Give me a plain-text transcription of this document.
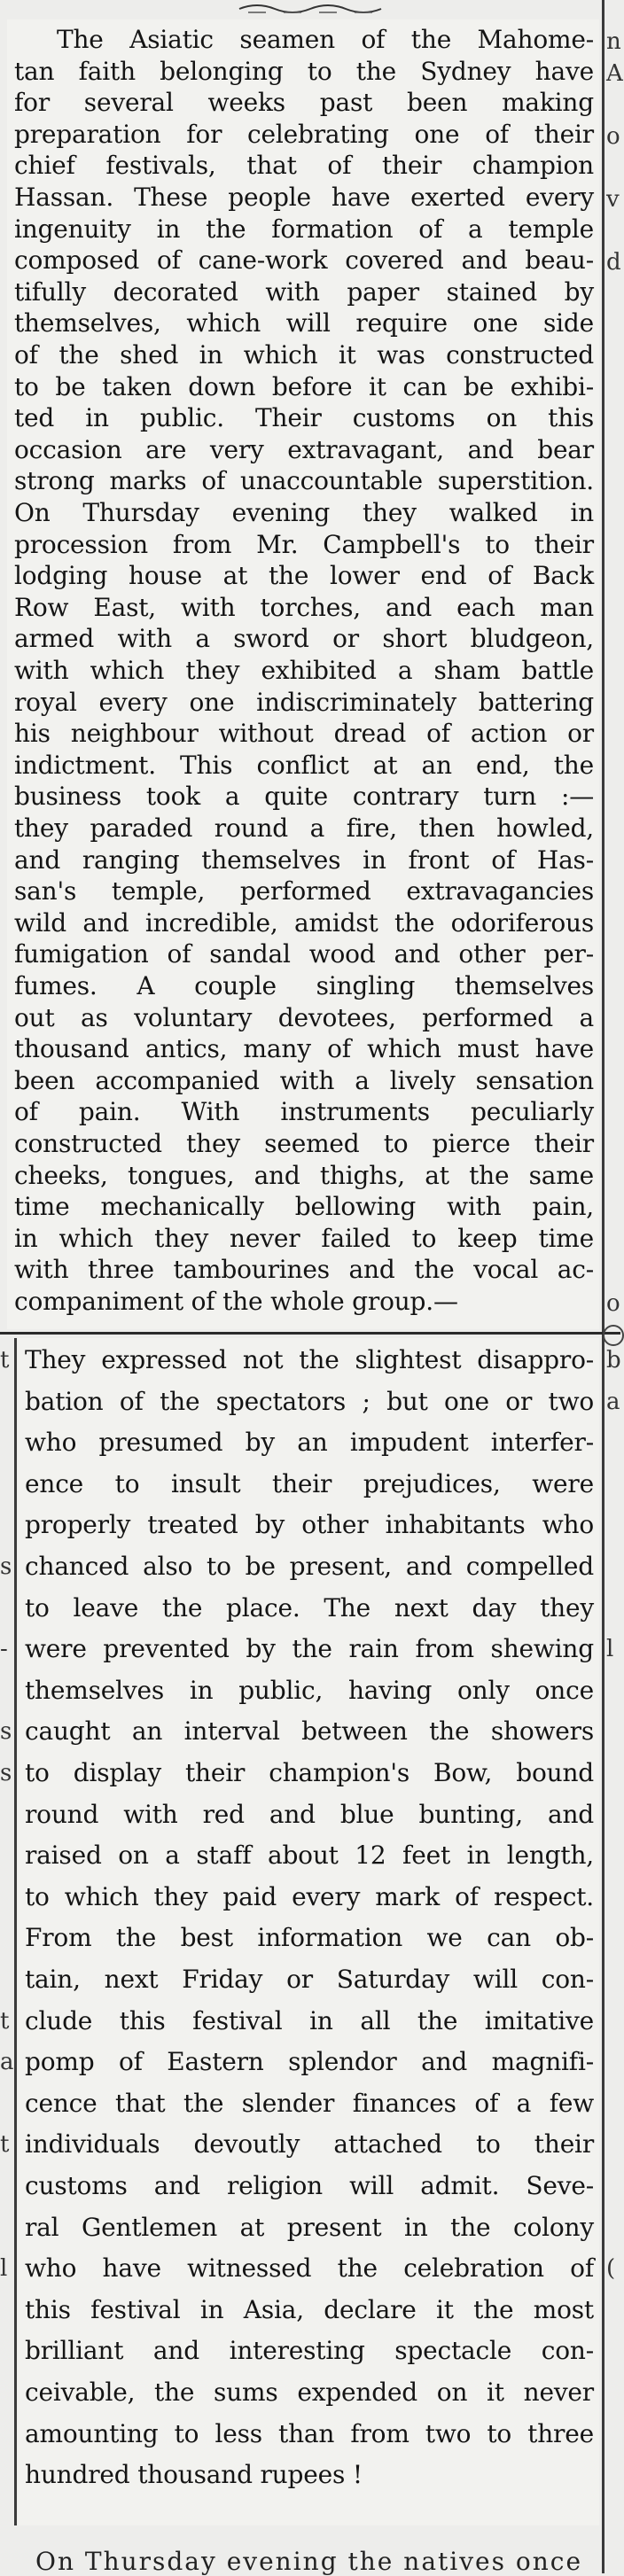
The Asiatic seamen of the Mahome-
tan faith belonging to the Sydney have
for several weeks past been making
preparation for celebrating one of their
chief festivals, that of their champion
Hassan. These people have exerted every
ingenuity in the formation of a temple
composed of cane-work covered and beau-
tifully decorated with paper stained by
themselves, which will require one side
of the shed in which it was constructed
to be taken down before it can be exhibi-
ted in public. Their customs on this
occasion are very extravagant, and bear
strong marks of unaccountable superstition.
On Thursday evening they walked in
procession from Mr. Campbell's to their
lodging house at the lower end of Back
Row East, with torches, and each man
armed with a sword or short bludgeon,
with which they exhibited a sham battle
royal every one indiscriminately battering
his neighbour without dread of action or
indictment. This conflict at an end, the
business took a quite contrary turn :—
they paraded round a fire, then howled,
and ranging themselves in front of Has-
san's temple, performed extravagancies
wild and incredible, amidst the odoriferous
fumigation of sandal wood and other per-
fumes. A couple singling themselves
out as voluntary devotees, performed a
thousand antics, many of which must have
been accompanied with a lively sensation
of pain. With instruments peculiarly
constructed they seemed to pierce their
cheeks, tongues, and thighs, at the same
time mechanically bellowing with pain,
in which they never failed to keep time
with three tambourines and the vocal ac-
companiment of the whole group.—
They expressed not the slightest disappro-
bation of the spectators ; but one or two
who presumed by an impudent interfer-
ence to insult their prejudices, were
properly treated by other inhabitants who
chanced also to be present, and compelled
to leave the place. The next day they
were prevented by the rain from shewing
themselves in public, having only once
caught an interval between the showers
to display their champion's Bow, bound
round with red and blue bunting, and
raised on a staff about 12 feet in length,
to which they paid every mark of respect.
From the best information we can ob-
tain, next Friday or Saturday will con-
clude this festival in all the imitative
pomp of Eastern splendor and magnifi-
cence that the slender finances of a few
individuals devoutly attached to their
customs and religion will admit. Seve-
ral Gentlemen at present in the colony
who have witnessed the celebration of
this festival in Asia, declare it the most
brilliant and interesting spectacle con-
ceivable, the sums expended on it never
amounting to less than from two to three
hundred thousand rupees !
On Thursday evening the natives once
n
A
o
v
d
o
t
s
-
s
s
t
a
t
l
b
a
l
(
